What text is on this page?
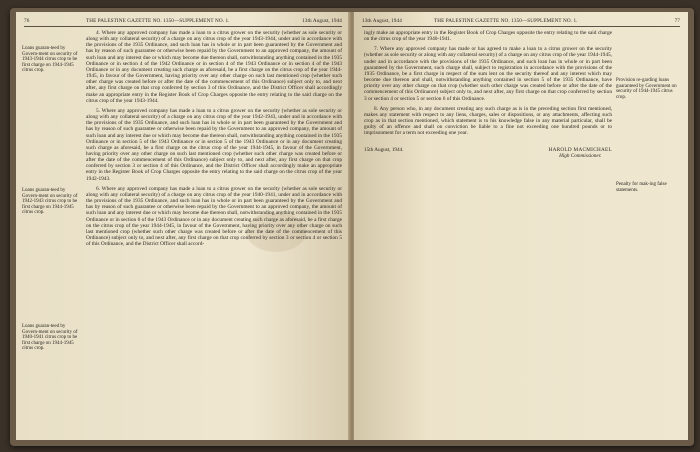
76	THE PALESTINE GAZETTE NO. 1350—SUPPLEMENT NO. 1.	13th August, 1944
Loans guaran-teed by Govern-ment on security of 1943-1944 citrus crop to be first charge on 1944-1945 citrus crop.
Loans guaran-teed by Govern-ment on security of 1942-1943 citrus crop to be first charge on 1944-1945 citrus crop.
Loans guaran-teed by Govern-ment on security of 1940-1941 citrus crop to be first charge on 1944-1945 citrus crop.

4. Where any approved company has made a loan to a citrus grower on the security (whether as sole security or along with any collateral security) of a charge on any citrus crop of the year 1943-1944, under and in accordance with the provisions of the 1935 Ordinance, and such loan has in whole or in part been guaranteed by the Government and has by reason of such guarantee or otherwise been repaid by the Government to an approved company, the amount of such loan and any interest due or which may become due thereon shall, notwithstanding anything contained in the 1935 Ordinance or in section 4 of the 1942 Ordinance or in section 4 of the 1943 Ordinance or in section 4 of the 1943 Ordinance or in any document creating such charge as aforesaid, be a first charge on the citrus crop of the year 1944-1945, in favour of the Government, having priority over any other charge on such last mentioned crop (whether such other charge was created before or after the date of the commencement of this Ordinance) subject only to, and next after, any first charge on that crop conferred by section 3 of this Ordinance, and the District Officer shall accordingly make an appropriate entry in the Register Book of Crop Charges opposite the entry relating to the said charge on the citrus crop of the year 1943-1944.

5. Where any approved company has made a loan to a citrus grower on the security (whether as sole security or along with any collateral security) of a charge on any citrus crop of the year 1942-1943, under and in accordance with the provisions of the 1935 Ordinance, and such loan has in whole or in part been guaranteed by the Government and has by reason of such guarantee or otherwise been repaid by the Government to an approved company, the amount of such loan and any interest due or which may become due thereon shall, notwithstanding anything contained in the 1935 Ordinance or in section 5 of the 1943 Ordinance or in section 5 of the 1943 Ordinance or in any document creating such charge as aforesaid, be a first charge on the citrus crop of the year 1944-1945, in favour of the Government, having priority over any other charge on such last mentioned crop (whether such other charge was created before or after the date of the commencement of this Ordinance) subject only to, and next after, any first charge on that crop conferred by section 3 or section 4 of this Ordinance, and the District Officer shall accordingly make an appropriate entry in the Register Book of Crop Charges opposite the entry relating to the said charge on the citrus crop of the year 1942-1943.

6. Where any approved company has made a loan to a citrus grower on the security (whether as sole security or along with any collateral security) of a charge on any citrus crop of the year 1940-1941, under and in accordance with the provisions of the 1935 Ordinance, and such loan has in whole or in part been guaranteed by the Government and has by reason of such guarantee or otherwise been repaid by the Government to an approved company, the amount of such loan and any interest due or which may become due thereon shall, notwithstanding anything contained in the 1935 Ordinance or in section 6 of the 1943 Ordinance or in any document creating such charge as aforesaid, be a first charge on the citrus crop of the year 1944-1945, in favour of the Government, having priority over any other charge on such last mentioned crop (whether such other charge was created before or after the date of the commencement of this Ordinance) subject only to, and next after, any first charge on that crop conferred by section 3 or section 4 or section 5 of this Ordinance, and the District Officer shall accord-

13th August, 1944	THE PALESTINE GAZETTE NO. 1350—SUPPLEMENT NO. 1.	77
Provision re-garding loans guaranteed by Government on security of 1944-1945 citrus crop.
Penalty for mak-ing false statements.

ingly make an appropriate entry in the Register Book of Crop Charges opposite the entry relating to the said charge on the citrus crop of the year 1940-1941.

7. Where any approved company has made or has agreed to make a loan to a citrus grower on the security (whether as sole security or along with any collateral security) of a charge on any citrus crop of the year 1944-1945, under and in accordance with the provisions of the 1935 Ordinance, and such loan has in whole or in part been guaranteed by the Government, such charge shall, subject to registration in accordance with the provisions of the 1935 Ordinance, be a first charge in respect of the sum lent on the security thereof and any interest which may become due thereon and shall, notwithstanding anything contained in section 5 of the 1935 Ordinance, have priority over any other charge on that crop (whether such other charge was created before or after the date of the commencement of this Ordinance) subject only to, and next after, any first charge on that crop conferred by section 3 or section 4 or section 5 or section 6 of this Ordinance.

8. Any person who, in any document creating any such charge as is in the preceding section first mentioned, makes any statement with respect to any liens, charges, sales or dispositions, or any attachments, affecting such crop as in that section mentioned, which statement is to his knowledge false in any material particular, shall be guilty of an offence and shall on conviction be liable to a fine not exceeding one hundred pounds or to imprisonment for a term not exceeding one year.

15th August, 1944.	HAROLD MACMICHAEL
High Commissioner.
